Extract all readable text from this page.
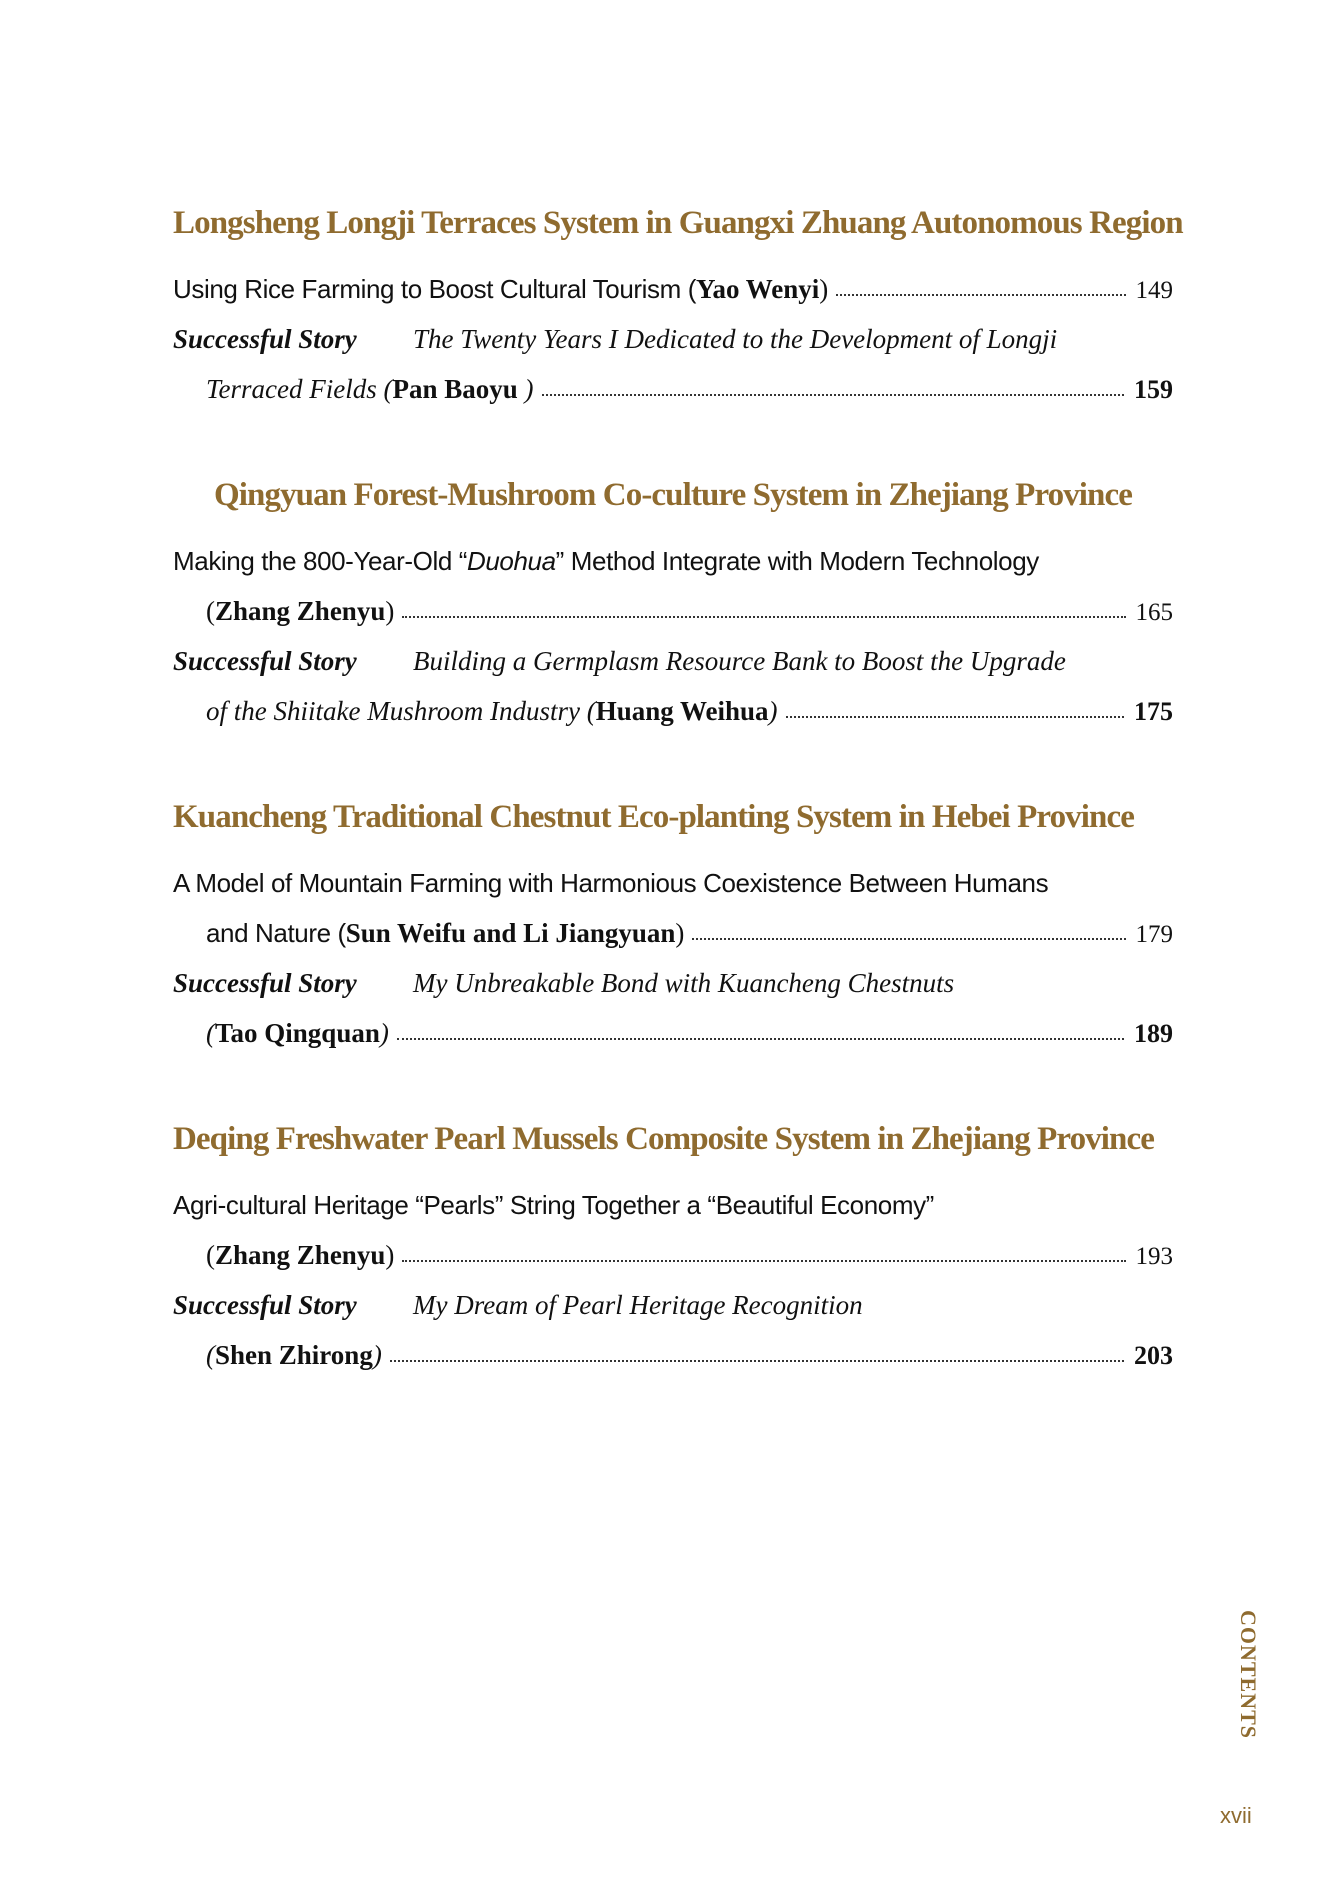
Longsheng Longji Terraces System in Guangxi Zhuang Autonomous Region
Using Rice Farming to Boost Cultural Tourism ( Yao Wenyi )	149
Successful Story	The Twenty Years I Dedicated to the Development of Longji
Terraced Fields ( Pan Baoyu )	159
Qingyuan Forest-Mushroom Co-culture System in Zhejiang Province
Making the 800-Year-Old “ Duohua ” Method Integrate with Modern Technology
( Zhang Zhenyu )	165
Successful Story	Building a Germplasm Resource Bank to Boost the Upgrade
of the Shiitake Mushroom Industry ( Huang Weihua )	175
Kuancheng Traditional Chestnut Eco-planting System in Hebei Province
A Model of Mountain Farming with Harmonious Coexistence Between Humans
and Nature ( Sun Weifu and Li Jiangyuan )	179
Successful Story	My Unbreakable Bond with Kuancheng Chestnuts
( Tao Qingquan )	189
Deqing Freshwater Pearl Mussels Composite System in Zhejiang Province
Agri-cultural Heritage “Pearls” String Together a “Beautiful Economy”
( Zhang Zhenyu )	193
Successful Story	My Dream of Pearl Heritage Recognition
( Shen Zhirong )	203
CONTENTS
xvii
